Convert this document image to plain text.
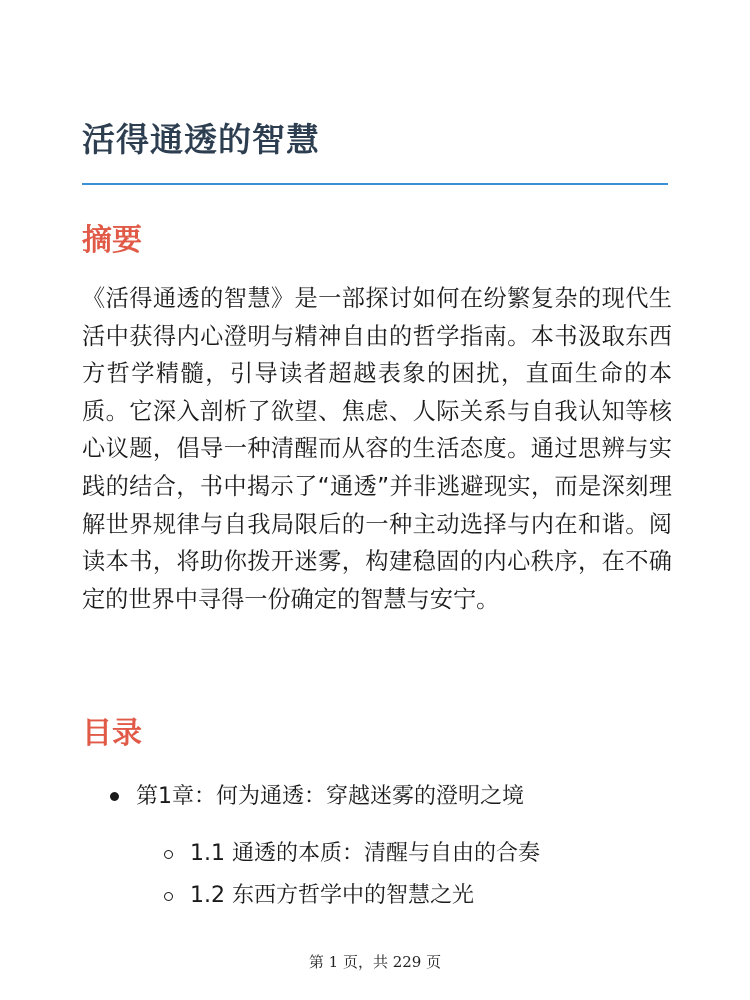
活得通透的智慧
摘要

《活得通透的智慧》是一部探讨如何在纷繁复杂的现代生活中获得内心澄明与精神自由的哲学指南。本书汲取东西方哲学精髓，引导读者超越表象的困扰，直面生命的本质。它深入剖析了欲望、焦虑、人际关系与自我认知等核心议题，倡导一种清醒而从容的生活态度。通过思辨与实践的结合，书中揭示了“通透”并非逃避现实，而是深刻理解世界规律与自我局限后的一种主动选择与内在和谐。阅读本书，将助你拨开迷雾，构建稳固的内心秩序，在不确定的世界中寻得一份确定的智慧与安宁。

目录
第1章：何为通透：穿越迷雾的澄明之境
1.1 通透的本质：清醒与自由的合奏
1.2 东西方哲学中的智慧之光
第 1 页，共 229 页
